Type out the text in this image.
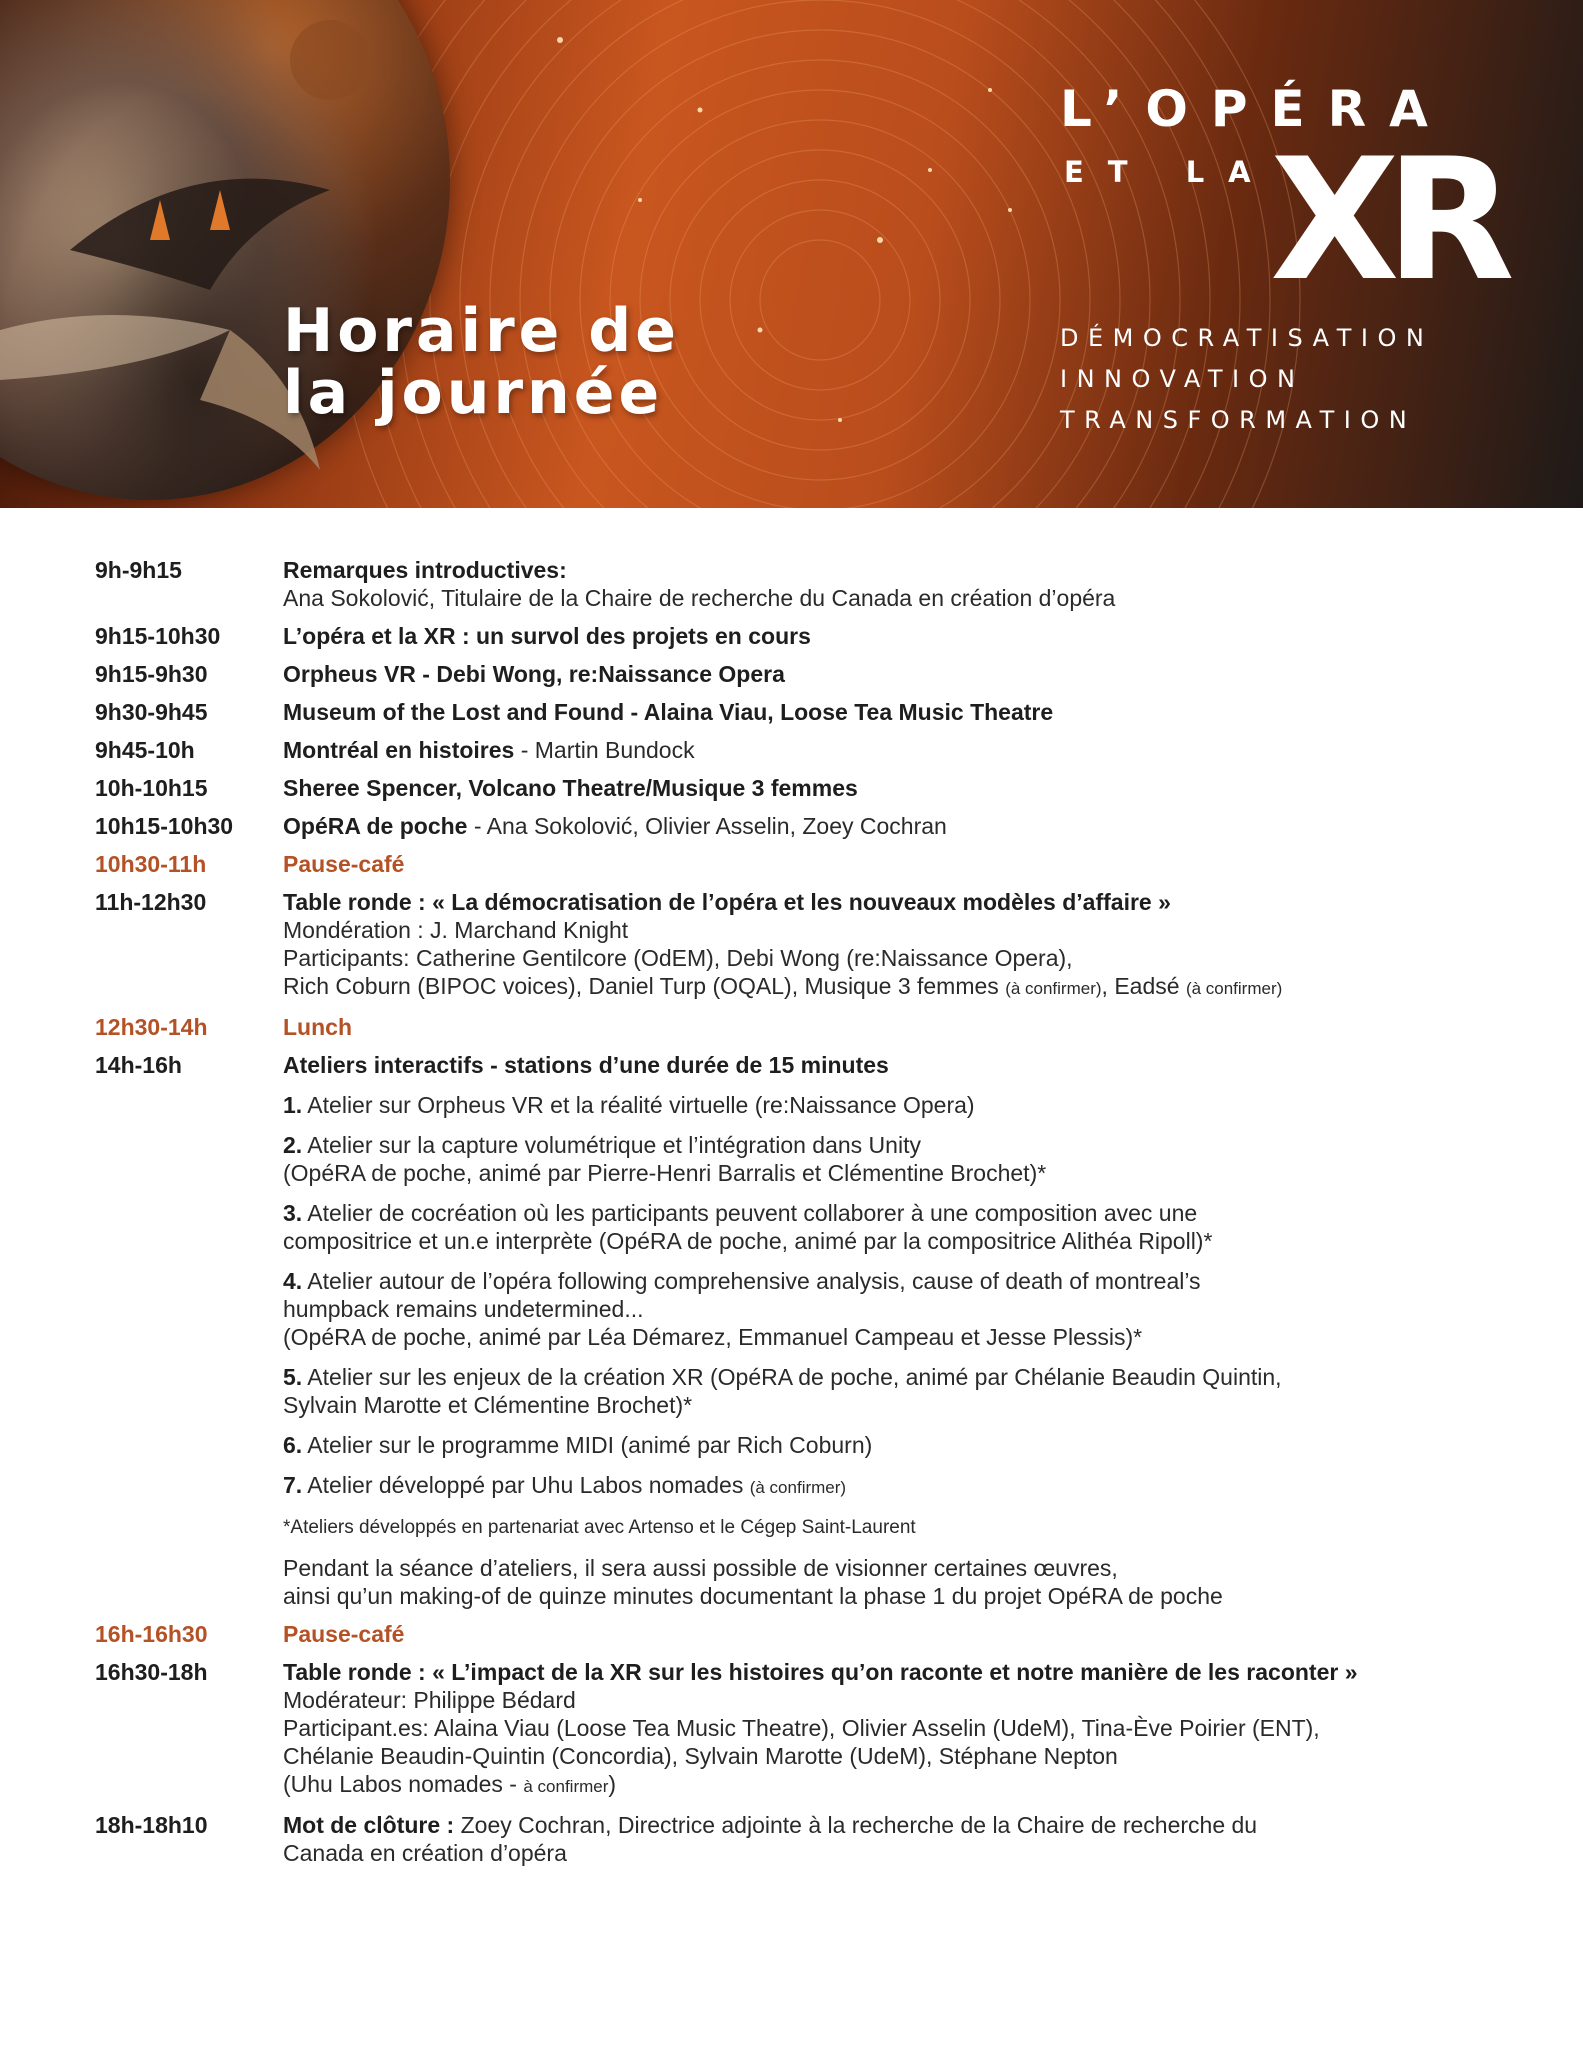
Horaire de
la journée
L’OPÉRA
ET LA
XR
DÉMOCRATISATION
INNOVATION
TRANSFORMATION
9h-9h15	Remarques introductives:
Ana Sokolović, Titulaire de la Chaire de recherche du Canada en création d’opéra
9h15-10h30	L’opéra et la XR : un survol des projets en cours
9h15-9h30	Orpheus VR - Debi Wong, re:Naissance Opera
9h30-9h45	Museum of the Lost and Found - Alaina Viau, Loose Tea Music Theatre
9h45-10h	Montréal en histoires - Martin Bundock
10h-10h15	Sheree Spencer, Volcano Theatre/Musique 3 femmes
10h15-10h30 OpéRA de poche - Ana Sokolović, Olivier Asselin, Zoey Cochran
10h30-11h	Pause-café
11h-12h30	Table ronde : « La démocratisation de l’opéra et les nouveaux modèles d’affaire »
Mondération : J. Marchand Knight
Participants: Catherine Gentilcore (OdEM), Debi Wong (re:Naissance Opera),
Rich Coburn (BIPOC voices), Daniel Turp (OQAL), Musique 3 femmes (à confirmer), Eadsé (à confirmer)
12h30-14h	Lunch
14h-16h	Ateliers interactifs - stations d’une durée de 15 minutes
1. Atelier sur Orpheus VR et la réalité virtuelle (re:Naissance Opera)
2. Atelier sur la capture volumétrique et l’intégration dans Unity
(OpéRA de poche, animé par Pierre-Henri Barralis et Clémentine Brochet)*
3. Atelier de cocréation où les participants peuvent collaborer à une composition avec une
compositrice et un.e interprète (OpéRA de poche, animé par la compositrice Alithéa Ripoll)*
4. Atelier autour de l’opéra following comprehensive analysis, cause of death of montreal’s
humpback remains undetermined...
(OpéRA de poche, animé par Léa Démarez, Emmanuel Campeau et Jesse Plessis)*
5. Atelier sur les enjeux de la création XR (OpéRA de poche, animé par Chélanie Beaudin Quintin,
Sylvain Marotte et Clémentine Brochet)*
6. Atelier sur le programme MIDI (animé par Rich Coburn)
7. Atelier développé par Uhu Labos nomades (à confirmer)
*Ateliers développés en partenariat avec Artenso et le Cégep Saint-Laurent
Pendant la séance d’ateliers, il sera aussi possible de visionner certaines œuvres,
ainsi qu’un making-of de quinze minutes documentant la phase 1 du projet OpéRA de poche
16h-16h30	Pause-café
16h30-18h	Table ronde : « L’impact de la XR sur les histoires qu’on raconte et notre manière de les raconter »
Modérateur: Philippe Bédard
Participant.es: Alaina Viau (Loose Tea Music Theatre), Olivier Asselin (UdeM), Tina-Ève Poirier (ENT),
Chélanie Beaudin-Quintin (Concordia), Sylvain Marotte (UdeM), Stéphane Nepton
(Uhu Labos nomades - à confirmer)
18h-18h10	Mot de clôture : Zoey Cochran, Directrice adjointe à la recherche de la Chaire de recherche du
Canada en création d’opéra
